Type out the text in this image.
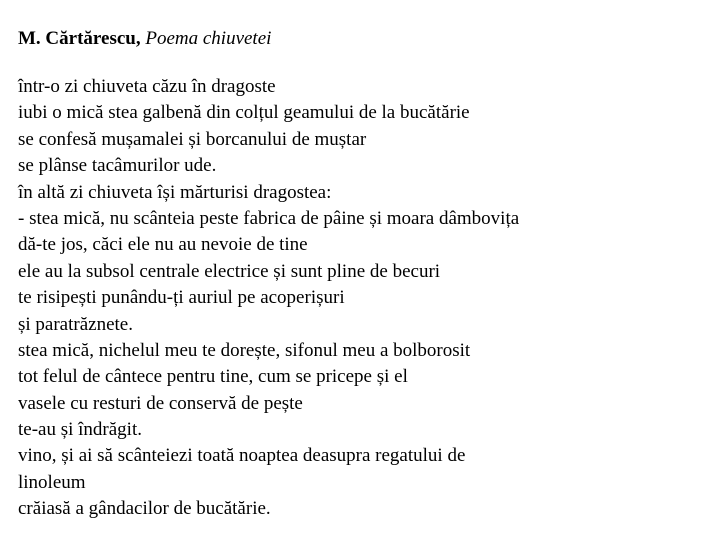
M. Cărtărescu, Poema chiuvetei
într-o zi chiuveta căzu în dragoste
iubi o mică stea galbenă din colțul geamului de la bucătărie
se confesă mușamalei și borcanului de muștar
se plânse tacâmurilor ude.
în altă zi chiuveta își mărturisi dragostea:
- stea mică, nu scânteia peste fabrica de pâine și moara dâmbovița
dă-te jos, căci ele nu au nevoie de tine
ele au la subsol centrale electrice și sunt pline de becuri
te risipești punându-ți auriul pe acoperișuri
și paratrăznete.
stea mică, nichelul meu te dorește, sifonul meu a bolborosit
tot felul de cântece pentru tine, cum se pricepe și el
vasele cu resturi de conservă de pește
te-au și îndrăgit.
vino, și ai să scânteiezi toată noaptea deasupra regatului de
linoleum
crăiasă a gândacilor de bucătărie.
